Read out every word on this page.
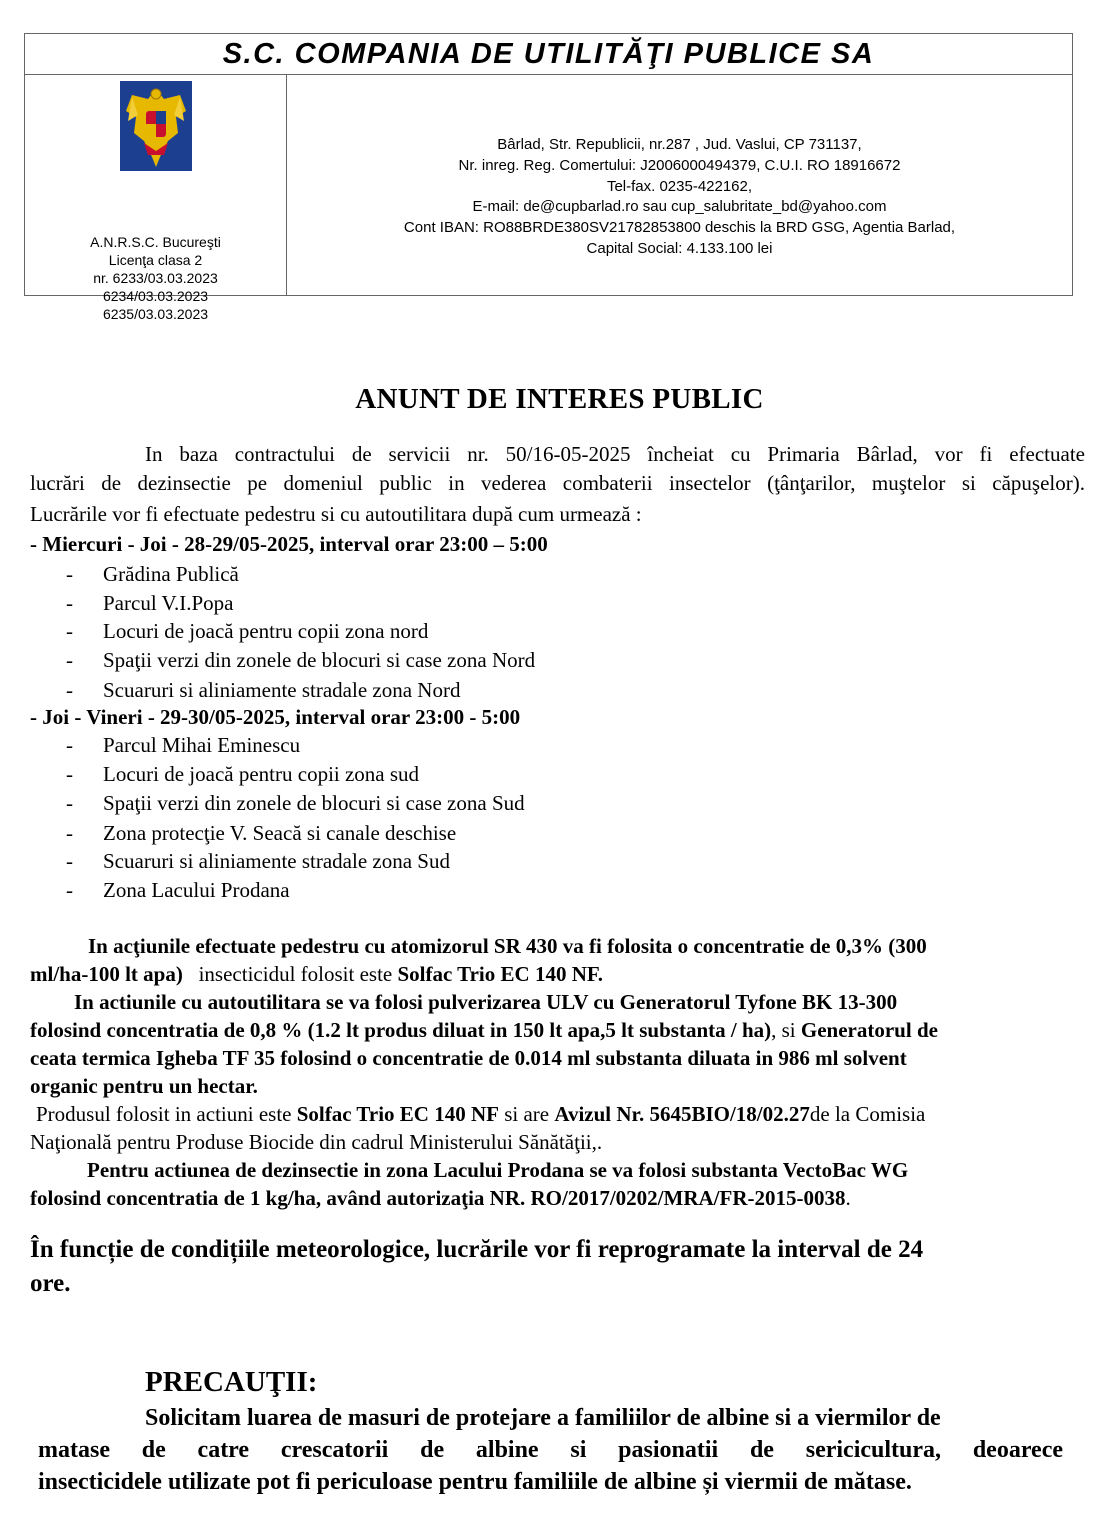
S.C. COMPANIA DE UTILITĂŢI PUBLICE SA
A.N.R.S.C. Bucureşti
Licenţa clasa 2
nr. 6233/03.03.2023
6234/03.03.2023
6235/03.03.2023
Bârlad, Str. Republicii, nr.287 , Jud. Vaslui, CP 731137,
Nr. inreg. Reg. Comertului: J2006000494379, C.U.I. RO 18916672
Tel-fax. 0235-422162,
E-mail: de@cupbarlad.ro sau cup_salubritate_bd@yahoo.com
Cont IBAN: RO88BRDE380SV21782853800 deschis la BRD GSG, Agentia Barlad,
Capital Social: 4.133.100 lei
ANUNT DE INTERES PUBLIC
In baza contractului de servicii nr. 50/16-05-2025 încheiat cu Primaria Bârlad, vor fi efectuate
lucrări de dezinsectie pe domeniul public in vederea combaterii insectelor (ţânţarilor, muştelor si căpuşelor).
Lucrările vor fi efectuate pedestru si cu autoutilitara după cum urmează :
- Miercuri - Joi - 28-29/05-2025, interval orar 23:00 – 5:00
- Grădina Publică
- Parcul V.I.Popa
- Locuri de joacă pentru copii zona nord
- Spaţii verzi din zonele de blocuri si case zona Nord
- Scuaruri si aliniamente stradale zona Nord
- Joi - Vineri - 29-30/05-2025, interval orar 23:00 - 5:00
- Parcul Mihai Eminescu
- Locuri de joacă pentru copii zona sud
- Spaţii verzi din zonele de blocuri si case zona Sud
- Zona protecţie V. Seacă si canale deschise
- Scuaruri si aliniamente stradale zona Sud
- Zona Lacului Prodana
In acţiunile efectuate pedestru cu atomizorul SR 430 va fi folosita o concentratie de 0,3% (300
ml/ha-100 lt apa) insecticidul folosit este Solfac Trio EC 140 NF.
In actiunile cu autoutilitara se va folosi pulverizarea ULV cu Generatorul Tyfone BK 13-300
folosind concentratia de 0,8 % (1.2 lt produs diluat in 150 lt apa,5 lt substanta / ha), si Generatorul de
ceata termica Igheba TF 35 folosind o concentratie de 0.014 ml substanta diluata in 986 ml solvent
organic pentru un hectar.
Produsul folosit in actiuni este Solfac Trio EC 140 NF si are Avizul Nr. 5645BIO/18/02.27de la Comisia
Naţională pentru Produse Biocide din cadrul Ministerului Sănătăţii,.
Pentru actiunea de dezinsectie in zona Lacului Prodana se va folosi substanta VectoBac WG
folosind concentratia de 1 kg/ha, având autorizaţia NR. RO/2017/0202/MRA/FR-2015-0038.
În funcție de condițiile meteorologice, lucrările vor fi reprogramate la interval de 24
ore.
PRECAUŢII:
Solicitam luarea de masuri de protejare a familiilor de albine si a viermilor de
matase de catre crescatorii de albine si pasionatii de sericicultura, deoarece
insecticidele utilizate pot fi periculoase pentru familiile de albine și viermii de mătase.
